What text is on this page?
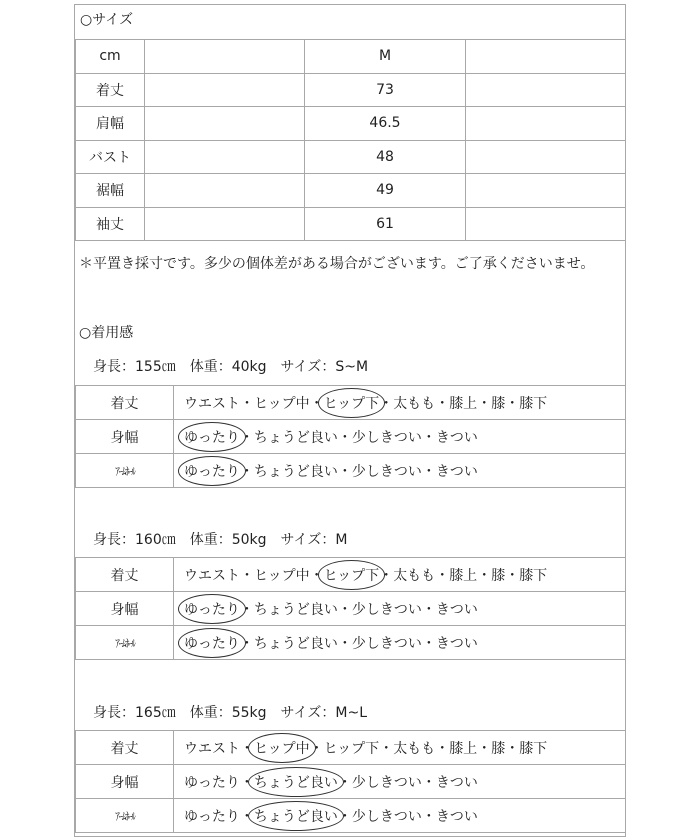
○サイズ
cm		M	
着丈		73	
肩幅		46.5	
バスト		48	
裾幅		49	
袖丈		61	
＊平置き採寸です。多少の個体差がある場合がございます。ご了承くださいませ。
○着用感
身長：155㎝　体重：40kg　サイズ：S~M
着丈	ウエスト・ヒップ中・ヒップ下・太もも・膝上・膝・膝下
身幅	ゆったり・ちょうど良い・少しきつい・きつい
ｱｰﾑﾎｰﾙ	ゆったり・ちょうど良い・少しきつい・きつい
身長：160㎝　体重：50kg　サイズ：M
着丈	ウエスト・ヒップ中・ヒップ下・太もも・膝上・膝・膝下
身幅	ゆったり・ちょうど良い・少しきつい・きつい
ｱｰﾑﾎｰﾙ	ゆったり・ちょうど良い・少しきつい・きつい
身長：165㎝　体重：55kg　サイズ：M~L
着丈	ウエスト・ヒップ中・ヒップ下・太もも・膝上・膝・膝下
身幅	ゆったり・ちょうど良い・少しきつい・きつい
ｱｰﾑﾎｰﾙ	ゆったり・ちょうど良い・少しきつい・きつい
